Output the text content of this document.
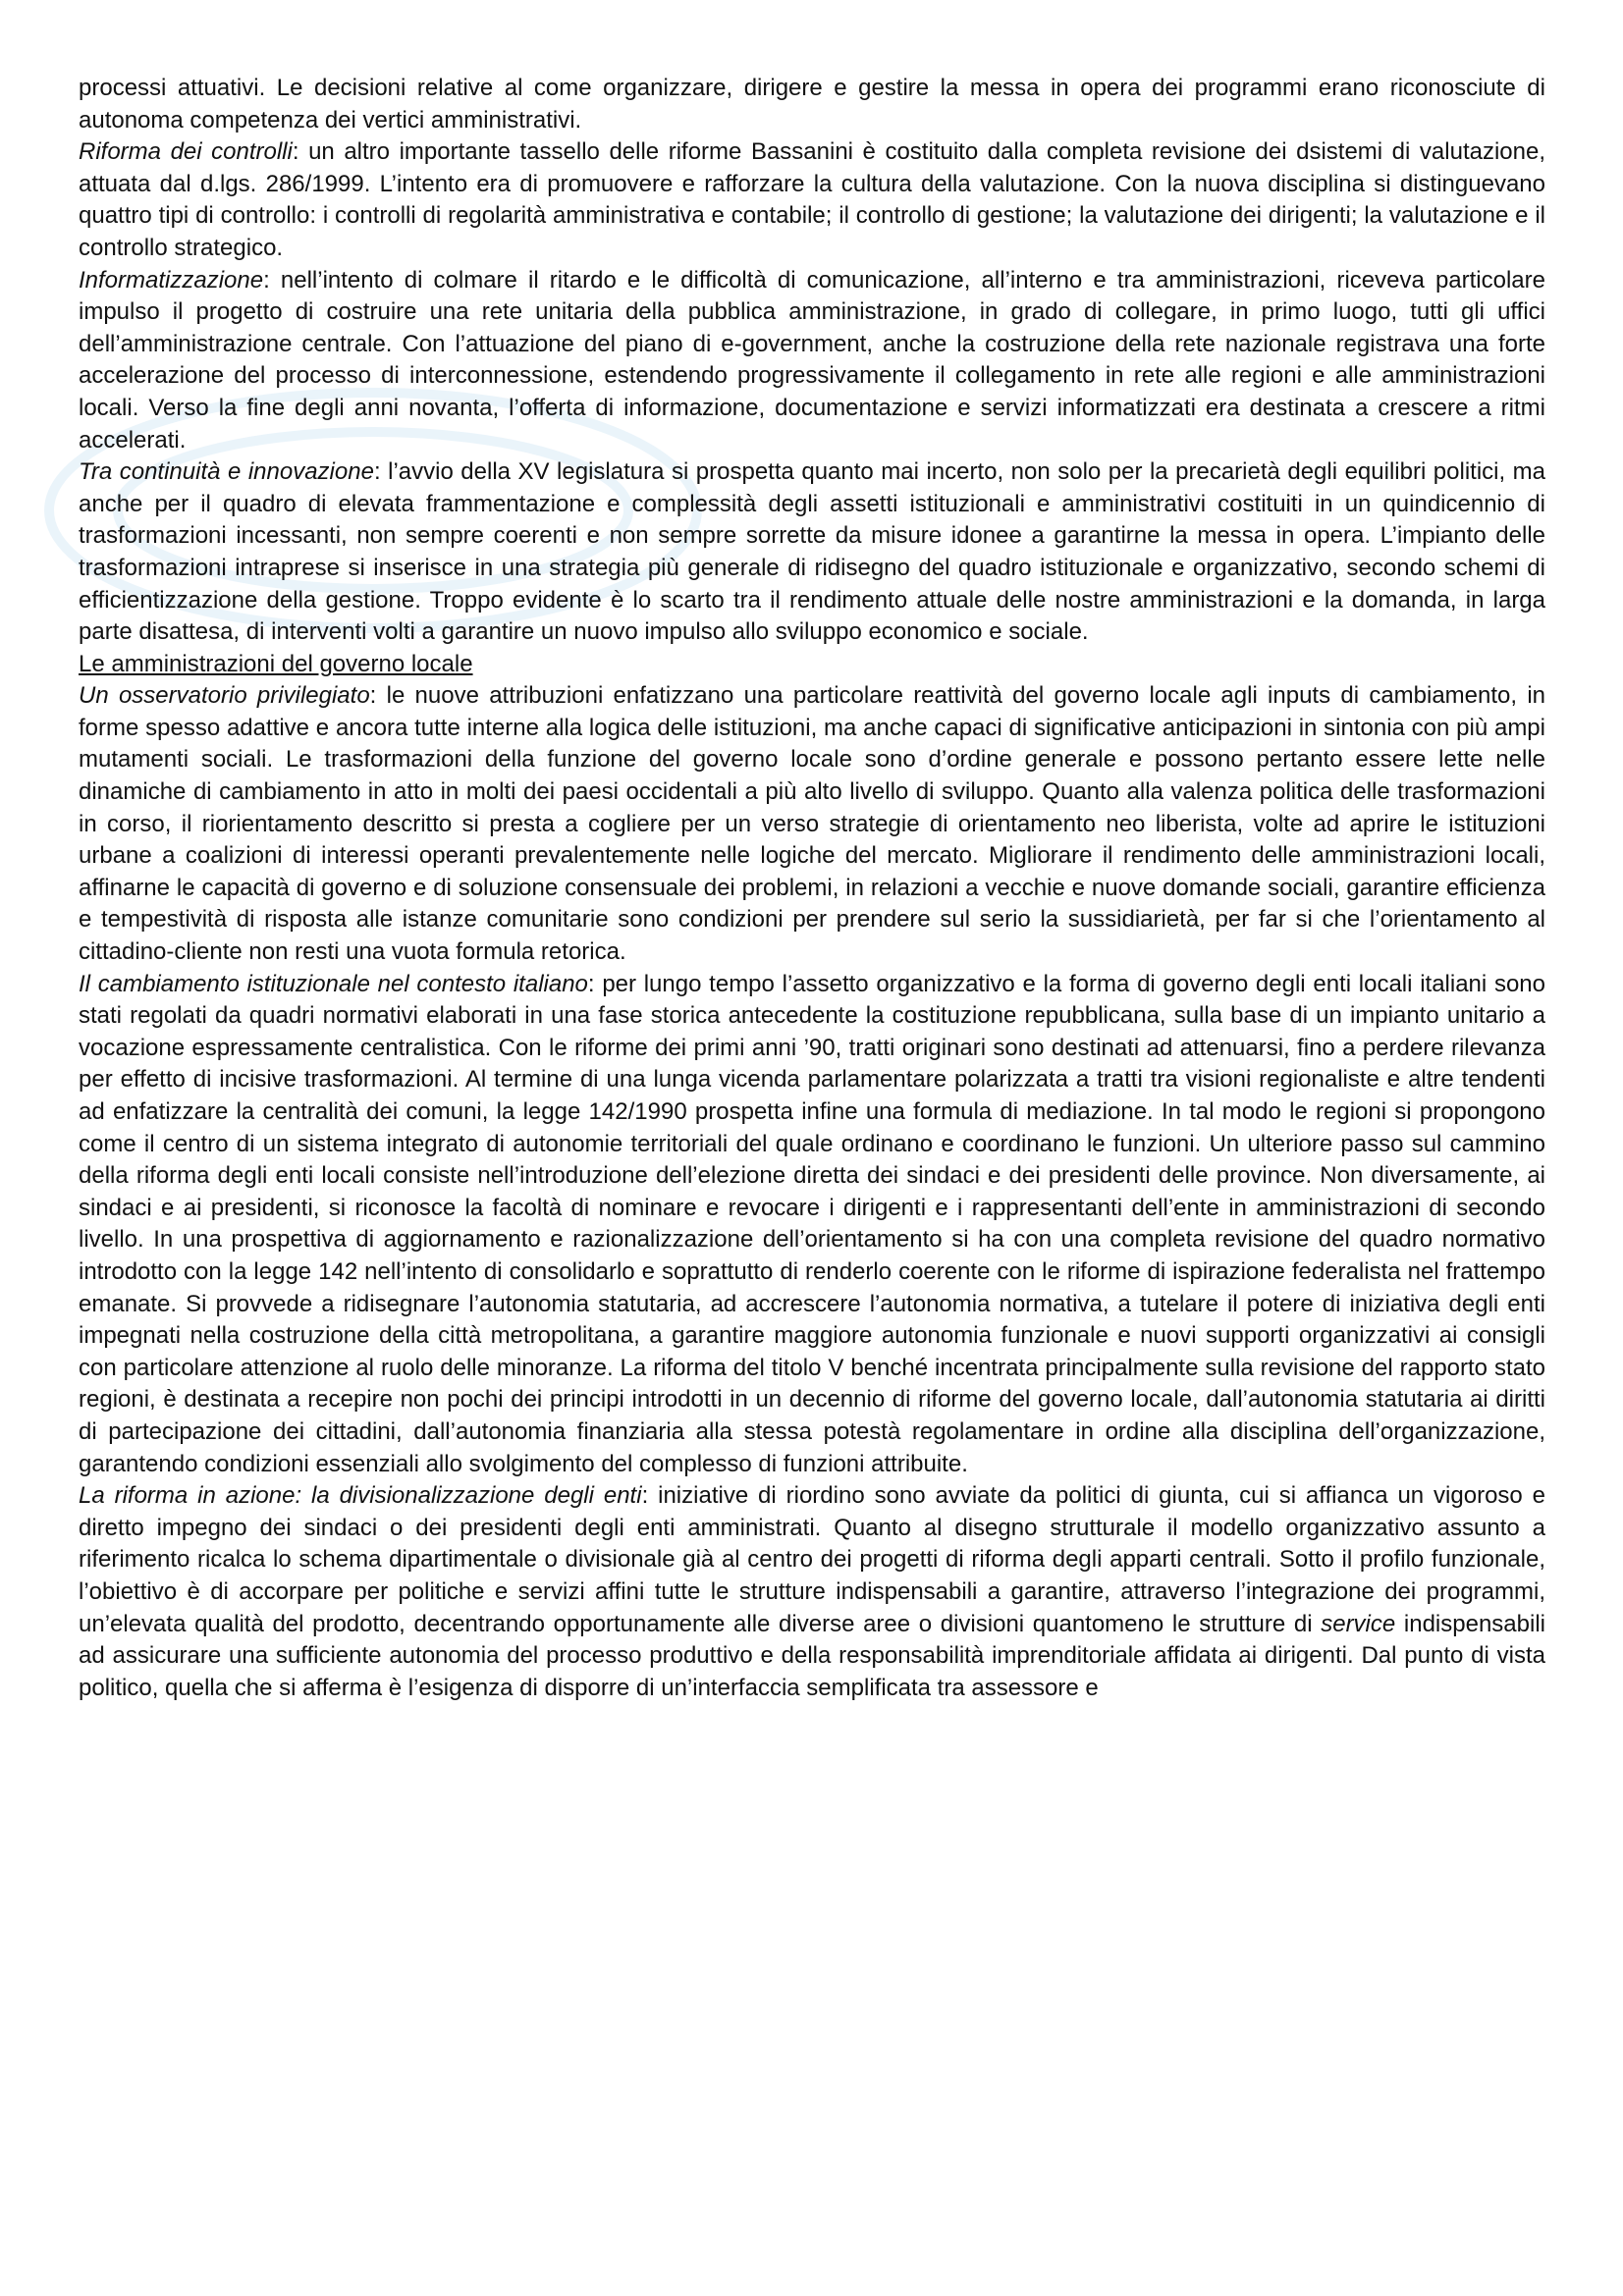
processi attuativi. Le decisioni relative al come organizzare, dirigere e gestire la messa in opera dei programmi erano riconosciute di autonoma competenza dei vertici amministrativi.

Riforma dei controlli: un altro importante tassello delle riforme Bassanini è costituito dalla completa revisione dei dsistemi di valutazione, attuata dal d.lgs. 286/1999. L’intento era di promuovere e rafforzare la cultura della valutazione. Con la nuova disciplina si distinguevano quattro tipi di controllo: i controlli di regolarità amministrativa e contabile; il controllo di gestione; la valutazione dei dirigenti; la valutazione e il controllo strategico.

Informatizzazione: nell’intento di colmare il ritardo e le difficoltà di comunicazione, all’interno e tra amministrazioni, riceveva particolare impulso il progetto di costruire una rete unitaria della pubblica amministrazione, in grado di collegare, in primo luogo, tutti gli uffici dell’amministrazione centrale. Con l’attuazione del piano di e-government, anche la costruzione della rete nazionale registrava una forte accelerazione del processo di interconnessione, estendendo progressivamente il collegamento in rete alle regioni e alle amministrazioni locali. Verso la fine degli anni novanta, l’offerta di informazione, documentazione e servizi informatizzati era destinata a crescere a ritmi accelerati.

Tra continuità e innovazione: l’avvio della XV legislatura si prospetta quanto mai incerto, non solo per la precarietà degli equilibri politici, ma anche per il quadro di elevata frammentazione e complessità degli assetti istituzionali e amministrativi costituiti in un quindicennio di trasformazioni incessanti, non sempre coerenti e non sempre sorrette da misure idonee a garantirne la messa in opera. L’impianto delle trasformazioni intraprese si inserisce in una strategia più generale di ridisegno del quadro istituzionale e organizzativo, secondo schemi di efficientizzazione della gestione. Troppo evidente è lo scarto tra il rendimento attuale delle nostre amministrazioni e la domanda, in larga parte disattesa, di interventi volti a garantire un nuovo impulso allo sviluppo economico e sociale.

Le amministrazioni del governo locale

Un osservatorio privilegiato: le nuove attribuzioni enfatizzano una particolare reattività del governo locale agli inputs di cambiamento, in forme spesso adattive e ancora tutte interne alla logica delle istituzioni, ma anche capaci di significative anticipazioni in sintonia con più ampi mutamenti sociali. Le trasformazioni della funzione del governo locale sono d’ordine generale e possono pertanto essere lette nelle dinamiche di cambiamento in atto in molti dei paesi occidentali a più alto livello di sviluppo. Quanto alla valenza politica delle trasformazioni in corso, il riorientamento descritto si presta a cogliere per un verso strategie di orientamento neo liberista, volte ad aprire le istituzioni urbane a coalizioni di interessi operanti prevalentemente nelle logiche del mercato. Migliorare il rendimento delle amministrazioni locali, affinarne le capacità di governo e di soluzione consensuale dei problemi, in relazioni a vecchie e nuove domande sociali, garantire efficienza e tempestività di risposta alle istanze comunitarie sono condizioni per prendere sul serio la sussidiarietà, per far si che l’orientamento al cittadino-cliente non resti una vuota formula retorica.

Il cambiamento istituzionale nel contesto italiano: per lungo tempo l’assetto organizzativo e la forma di governo degli enti locali italiani sono stati regolati da quadri normativi elaborati in una fase storica antecedente la costituzione repubblicana, sulla base di un impianto unitario a vocazione espressamente centralistica. Con le riforme dei primi anni ’90, tratti originari sono destinati ad attenuarsi, fino a perdere rilevanza per effetto di incisive trasformazioni. Al termine di una lunga vicenda parlamentare polarizzata a tratti tra visioni regionaliste e altre tendenti ad enfatizzare la centralità dei comuni, la legge 142/1990 prospetta infine una formula di mediazione. In tal modo le regioni si propongono come il centro di un sistema integrato di autonomie territoriali del quale ordinano e coordinano le funzioni. Un ulteriore passo sul cammino della riforma degli enti locali consiste nell’introduzione dell’elezione diretta dei sindaci e dei presidenti delle province. Non diversamente, ai sindaci e ai presidenti, si riconosce la facoltà di nominare e revocare i dirigenti e i rappresentanti dell’ente in amministrazioni di secondo livello. In una prospettiva di aggiornamento e razionalizzazione dell’orientamento si ha con una completa revisione del quadro normativo introdotto con la legge 142 nell’intento di consolidarlo e soprattutto di renderlo coerente con le riforme di ispirazione federalista nel frattempo emanate. Si provvede a ridisegnare l’autonomia statutaria, ad accrescere l’autonomia normativa, a tutelare il potere di iniziativa degli enti impegnati nella costruzione della città metropolitana, a garantire maggiore autonomia funzionale e nuovi supporti organizzativi ai consigli con particolare attenzione al ruolo delle minoranze. La riforma del titolo V benché incentrata principalmente sulla revisione del rapporto stato regioni, è destinata a recepire non pochi dei principi introdotti in un decennio di riforme del governo locale, dall’autonomia statutaria ai diritti di partecipazione dei cittadini, dall’autonomia finanziaria alla stessa potestà regolamentare in ordine alla disciplina dell’organizzazione, garantendo condizioni essenziali allo svolgimento del complesso di funzioni attribuite.

La riforma in azione: la divisionalizzazione degli enti: iniziative di riordino sono avviate da politici di giunta, cui si affianca un vigoroso e diretto impegno dei sindaci o dei presidenti degli enti amministrati. Quanto al disegno strutturale il modello organizzativo assunto a riferimento ricalca lo schema dipartimentale o divisionale già al centro dei progetti di riforma degli apparti centrali. Sotto il profilo funzionale, l’obiettivo è di accorpare per politiche e servizi affini tutte le strutture indispensabili a garantire, attraverso l’integrazione dei programmi, un’elevata qualità del prodotto, decentrando opportunamente alle diverse aree o divisioni quantomeno le strutture di service indispensabili ad assicurare una sufficiente autonomia del processo produttivo e della responsabilità imprenditoriale affidata ai dirigenti. Dal punto di vista politico, quella che si afferma è l’esigenza di disporre di un’interfaccia semplificata tra assessore e
